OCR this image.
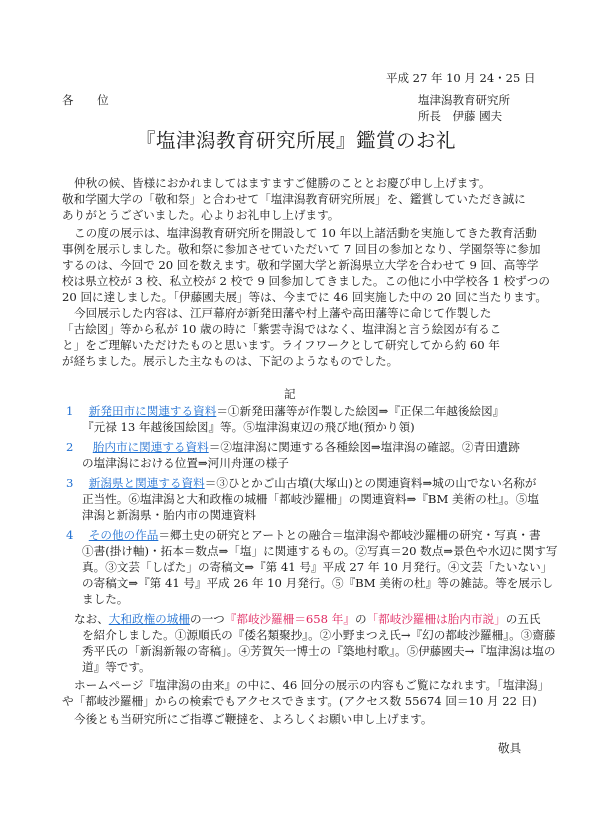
平成 27 年 10 月 24・25 日
各 位	塩津潟教育研究所
所長　伊藤 國夫
『塩津潟教育研究所展』鑑賞のお礼
仲秋の候、皆様におかれましてはますますご健勝のこととお慶び申し上げます。
敬和学園大学の「敬和祭」と合わせて「塩津潟教育研究所展」を、鑑賞していただき誠に
ありがとうございました。心よりお礼申し上げます。
この度の展示は、塩津潟教育研究所を開設して 10 年以上諸活動を実施してきた教育活動
事例を展示しました。敬和祭に参加させていただいて 7 回目の参加となり、学園祭等に参加
するのは、今回で 20 回を数えます。敬和学園大学と新潟県立大学を合わせて 9 回、高等学
校は県立校が 3 校、私立校が 2 校で 9 回参加してきました。この他に小中学校各 1 校ずつの
20 回に達しました。「伊藤國夫展」等は、今までに 46 回実施した中の 20 回に当たります。
今回展示した内容は、江戸幕府が新発田藩や村上藩や高田藩等に命じて作製した
「古絵図」等から私が 10 歳の時に「紫雲寺潟ではなく、塩津潟と言う絵図が有るこ
と」をご理解いただけたものと思います。ライフワークとして研究してから約 60 年
が経ちました。展示した主なものは、下記のようなものでした。
記
1 新発田市に関連する資料＝①新発田藩等が作製した絵図⇒『正保二年越後絵図』
『元禄 13 年越後国絵図』等。⑤塩津潟東辺の飛び地(預かり領)
2 胎内市に関連する資料＝②塩津潟に関連する各種絵図⇒塩津潟の確認。②青田遺跡
の塩津潟における位置⇒河川舟運の様子
3 新潟県と関連する資料＝③ひとかご山古墳(大塚山)との関連資料⇒城の山でない名称が
正当性。⑥塩津潟と大和政権の城柵「都岐沙羅柵」の関連資料⇒『BM 美術の杜』。⑤塩
津潟と新潟県・胎内市の関連資料
4 その他の作品＝郷土史の研究とアートとの融合＝塩津潟や都岐沙羅柵の研究・写真・書
①書(掛け軸)・拓本＝数点⇒「塩」に関連するもの。②写真＝20 数点⇒景色や水辺に関す写
真。③文芸「しばた」の寄稿文⇒『第 41 号』平成 27 年 10 月発行。④文芸「たいない」
の寄稿文⇒『第 41 号』平成 26 年 10 月発行。⑤『BM 美術の杜』等の雑誌。等を展示し
ました。
なお、大和政権の城柵の一つ『都岐沙羅柵＝658 年』の「都岐沙羅柵は胎内市説」の五氏
を紹介しました。①源順氏の『倭名類聚抄』。②小野まつえ氏→『幻の都岐沙羅柵』。③齋藤
秀平氏の「新潟新報の寄稿」。④芳賀矢一博士の『築地村歌』。⑤伊藤國夫→『塩津潟は塩の
道』等です。
ホームページ『塩津潟の由来』の中に、46 回分の展示の内容もご覧になれます。「塩津潟」
や「都岐沙羅柵」からの検索でもアクセスできます。(アクセス数 55674 回＝10 月 22 日)
今後とも当研究所にご指導ご鞭撻を、よろしくお願い申し上げます。
敬具
